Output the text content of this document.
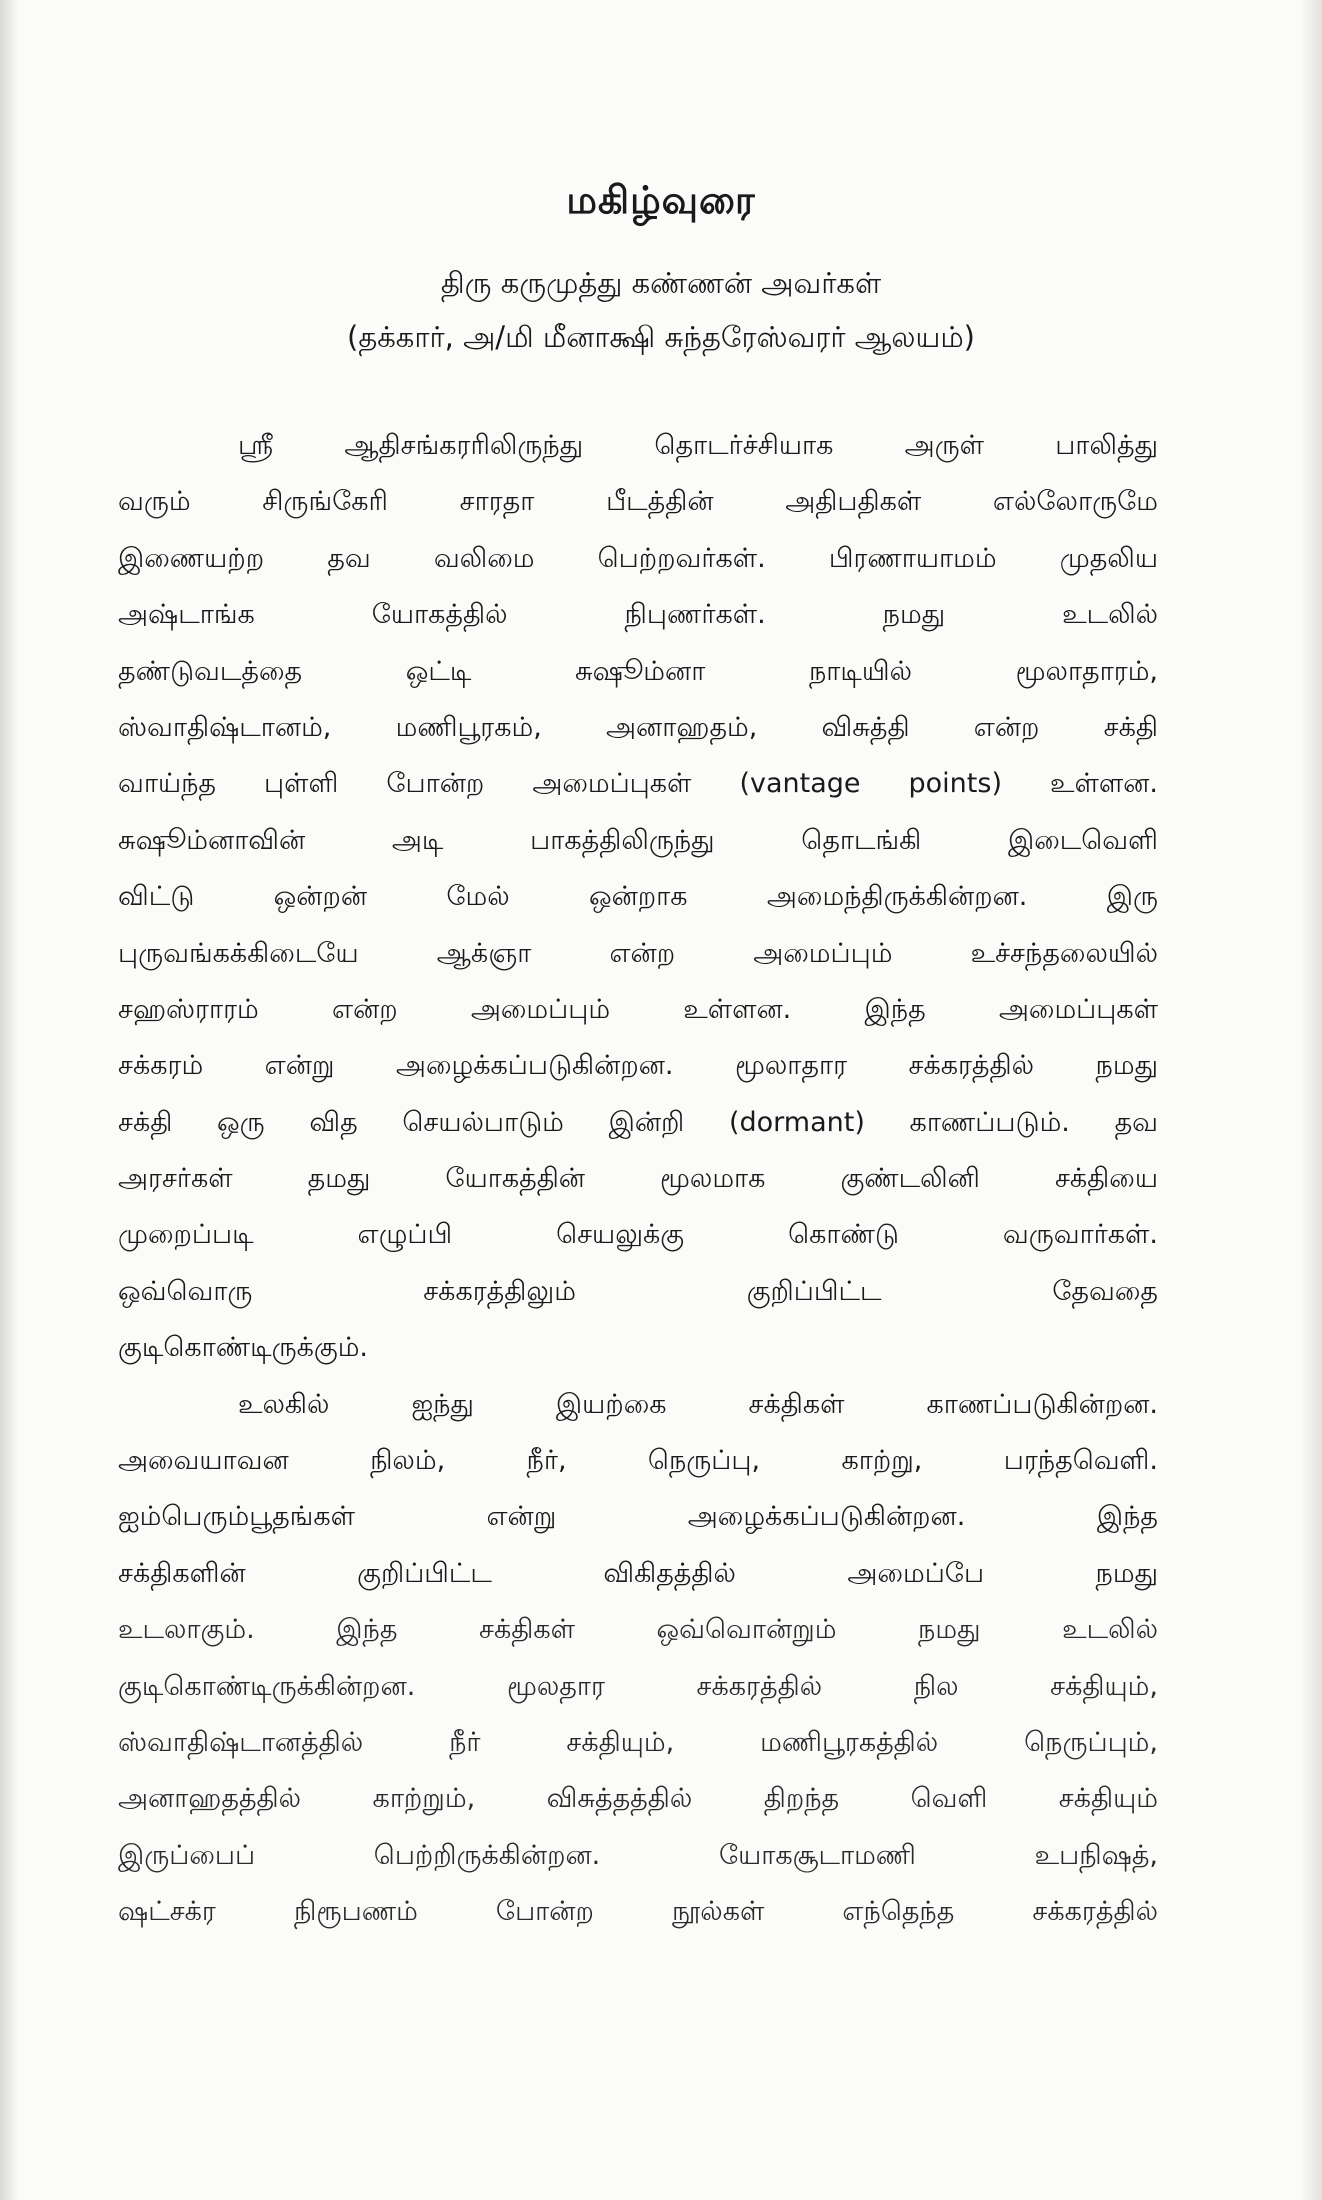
மகிழ்வுரை
திரு கருமுத்து கண்ணன் அவர்கள்
(தக்கார், அ/மி மீனாக்ஷி சுந்தரேஸ்வரர் ஆலயம்)
ஸ்ரீ ஆதிசங்கரரிலிருந்து தொடர்ச்சியாக அருள் பாலித்து
வரும் சிருங்கேரி சாரதா பீடத்தின் அதிபதிகள் எல்லோருமே
இணையற்ற தவ வலிமை பெற்றவர்கள். பிரணாயாமம் முதலிய
அஷ்டாங்க யோகத்தில் நிபுணர்கள். நமது உடலில்
தண்டுவடத்தை ஒட்டி சுஷூம்னா நாடியில் மூலாதாரம்,
ஸ்வாதிஷ்டானம், மணிபூரகம், அனாஹதம், விசுத்தி என்ற சக்தி
வாய்ந்த புள்ளி போன்ற அமைப்புகள் (vantage points) உள்ளன.
சுஷூம்னாவின் அடி பாகத்திலிருந்து தொடங்கி இடைவெளி
விட்டு ஒன்றன் மேல் ஒன்றாக அமைந்திருக்கின்றன. இரு
புருவங்கக்கிடையே ஆக்ஞா என்ற அமைப்பும் உச்சந்தலையில்
சஹஸ்ராரம் என்ற அமைப்பும் உள்ளன. இந்த அமைப்புகள்
சக்கரம் என்று அழைக்கப்படுகின்றன. மூலாதார சக்கரத்தில் நமது
சக்தி ஒரு வித செயல்பாடும் இன்றி (dormant) காணப்படும். தவ
அரசர்கள் தமது யோகத்தின் மூலமாக குண்டலினி சக்தியை
முறைப்படி எழுப்பி செயலுக்கு கொண்டு வருவார்கள்.
ஒவ்வொரு சக்கரத்திலும் குறிப்பிட்ட தேவதை
குடிகொண்டிருக்கும்.
உலகில் ஐந்து இயற்கை சக்திகள் காணப்படுகின்றன.
அவையாவன நிலம், நீர், நெருப்பு, காற்று, பரந்தவெளி.
ஐம்பெரும்பூதங்கள் என்று அழைக்கப்படுகின்றன. இந்த
சக்திகளின் குறிப்பிட்ட விகிதத்தில் அமைப்பே நமது
உடலாகும். இந்த சக்திகள் ஒவ்வொன்றும் நமது உடலில்
குடிகொண்டிருக்கின்றன. மூலதார சக்கரத்தில் நில சக்தியும்,
ஸ்வாதிஷ்டானத்தில் நீர் சக்தியும், மணிபூரகத்தில் நெருப்பும்,
அனாஹதத்தில் காற்றும், விசுத்தத்தில் திறந்த வெளி சக்தியும்
இருப்பைப் பெற்றிருக்கின்றன. யோகசூடாமணி உபநிஷத்,
ஷட்சக்ர நிரூபணம் போன்ற நூல்கள் எந்தெந்த சக்கரத்தில்
